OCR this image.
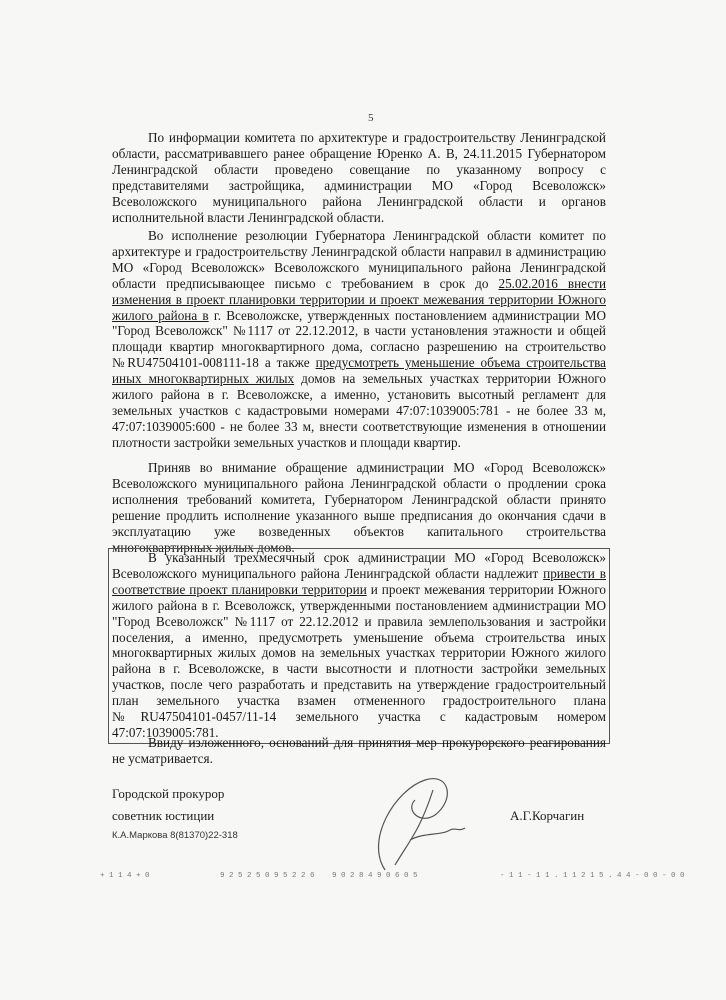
5

По информации комитета по архитектуре и градостроительству Ленинградской области, рассматривавшего ранее обращение Юренко А. В, 24.11.2015 Губернатором Ленинградской области проведено совещание по указанному вопросу с представителями застройщика, администрации МО «Город Всеволожск» Всеволожского муниципального района Ленинградской области и органов исполнительной власти Ленинградской области.

Во исполнение резолюции Губернатора Ленинградской области комитет по архитектуре и градостроительству Ленинградской области направил в администрацию МО «Город Всеволожск» Всеволожского муниципального района Ленинградской области предписывающее письмо с требованием в срок до 25.02.2016 внести изменения в проект планировки территории и проект межевания территории Южного жилого района в г. Всеволожске, утвержденных постановлением администрации МО "Город Всеволожск" №1117 от 22.12.2012, в части установления этажности и общей площади квартир многоквартирного дома, согласно разрешению на строительство №RU47504101-008111-18 а также предусмотреть уменьшение объема строительства иных многоквартирных жилых домов на земельных участках территории Южного жилого района в г. Всеволожске, а именно, установить высотный регламент для земельных участков с кадастровыми номерами 47:07:1039005:781 - не более 33 м, 47:07:1039005:600 - не более 33 м, внести соответствующие изменения в отношении плотности застройки земельных участков и площади квартир.

Приняв во внимание обращение администрации МО «Город Всеволожск» Всеволожского муниципального района Ленинградской области о продлении срока исполнения требований комитета, Губернатором Ленинградской области принято решение продлить исполнение указанного выше предписания до окончания сдачи в эксплуатацию уже возведенных объектов капитального строительства многоквартирных жилых домов.

В указанный трехмесячный срок администрации МО «Город Всеволожск» Всеволожского муниципального района Ленинградской области надлежит привести в соответствие проект планировки территории и проект межевания территории Южного жилого района в г. Всеволожск, утвержденными постановлением администрации МО "Город Всеволожск" №1117 от 22.12.2012 и правила землепользования и застройки поселения, а именно, предусмотреть уменьшение объема строительства иных многоквартирных жилых домов на земельных участках территории Южного жилого района в г. Всеволожске, в части высотности и плотности застройки земельных участков, после чего разработать и представить на утверждение градостроительный план земельного участка взамен отмененного градостроительного плана №RU47504101-0457/11-14 земельного участка с кадастровым номером 47:07:1039005:781.

Ввиду изложенного, оснований для принятия мер прокурорского реагирования не усматривается.

Городской прокурор
советник юстиции	А.Г.Корчагин
К.А.Маркова 8(81370)22-318
+ 1 1 4 + 0	9 2 5 2 5 0 9 5 2 2 6 9 0 2 8 4 9 0 6 0 5	- 1 1 - 1 1 . 1 1 2 1 5 . 4 4 - 0 0 - 0 0
